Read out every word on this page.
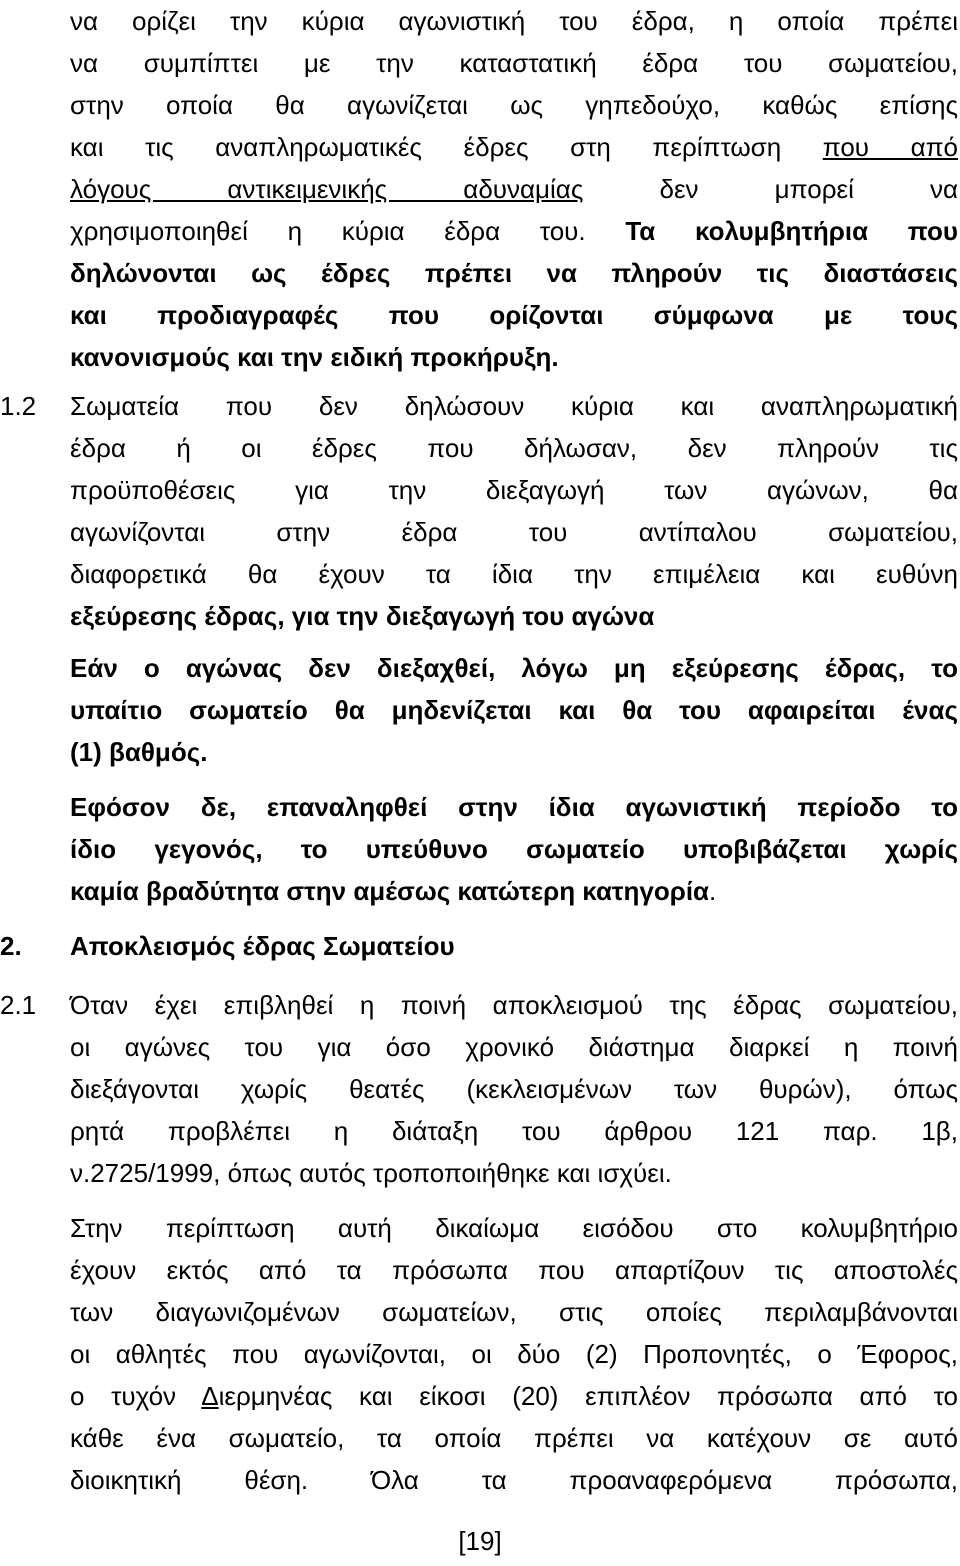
να ορίζει την κύρια αγωνιστική του έδρα, η οποία πρέπει
να συμπίπτει με την καταστατική έδρα του σωματείου,
στην οποία θα αγωνίζεται ως γηπεδούχο, καθώς επίσης
και τις αναπληρωματικές έδρες στη περίπτωση που από
λόγους αντικειμενικής αδυναμίας δεν μπορεί να
χρησιμοποιηθεί η κύρια έδρα του. Τα κολυμβητήρια που
δηλώνονται ως έδρες πρέπει να πληρούν τις διαστάσεις
και προδιαγραφές που ορίζονται σύμφωνα με τους
κανονισμούς και την ειδική προκήρυξη.
1.2 Σωματεία που δεν δηλώσουν κύρια και αναπληρωματική
έδρα ή οι έδρες που δήλωσαν, δεν πληρούν τις
προϋποθέσεις για την διεξαγωγή των αγώνων, θα
αγωνίζονται στην έδρα του αντίπαλου σωματείου,
διαφορετικά θα έχουν τα ίδια την επιμέλεια και ευθύνη
εξεύρεσης έδρας, για την διεξαγωγή του αγώνα
Εάν ο αγώνας δεν διεξαχθεί, λόγω μη εξεύρεσης έδρας, το
υπαίτιο σωματείο θα μηδενίζεται και θα του αφαιρείται ένας
(1) βαθμός.
Εφόσον δε, επαναληφθεί στην ίδια αγωνιστική περίοδο το
ίδιο γεγονός, το υπεύθυνο σωματείο υποβιβάζεται χωρίς
καμία βραδύτητα στην αμέσως κατώτερη κατηγορία.
2. Αποκλεισμός έδρας Σωματείου
2.1 Όταν έχει επιβληθεί η ποινή αποκλεισμού της έδρας σωματείου,
οι αγώνες του για όσο χρονικό διάστημα διαρκεί η ποινή
διεξάγονται χωρίς θεατές (κεκλεισμένων των θυρών), όπως
ρητά προβλέπει η διάταξη του άρθρου 121 παρ. 1β,
ν.2725/1999, όπως αυτός τροποποιήθηκε και ισχύει.
Στην περίπτωση αυτή δικαίωμα εισόδου στο κολυμβητήριο
έχουν εκτός από τα πρόσωπα που απαρτίζουν τις αποστολές
των διαγωνιζομένων σωματείων, στις οποίες περιλαμβάνονται
οι αθλητές που αγωνίζονται, οι δύο (2) Προπονητές, ο Έφορος,
ο τυχόν Διερμηνέας και είκοσι (20) επιπλέον πρόσωπα από το
κάθε ένα σωματείο, τα οποία πρέπει να κατέχουν σε αυτό
διοικητική θέση. Όλα τα προαναφερόμενα πρόσωπα,
[19]
